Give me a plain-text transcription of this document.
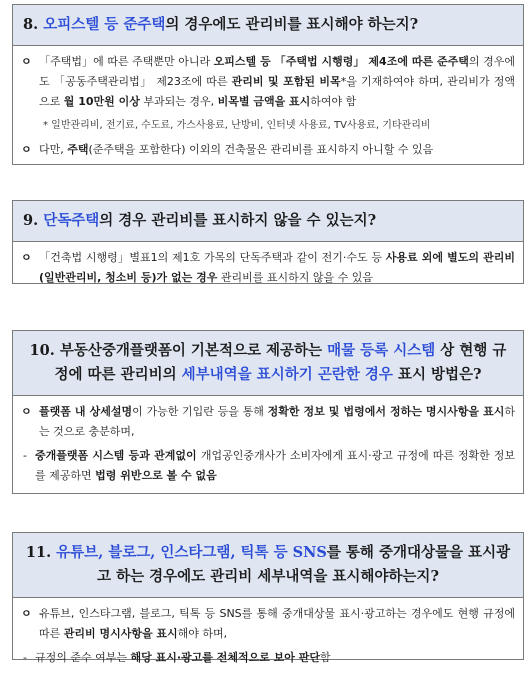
8. 오피스텔 등 준주택의 경우에도 관리비를 표시해야 하는지?
ㅇ 「주택법」에 따른 주택뿐만 아니라 오피스텔 등 「주택법 시행령」 제4조에 따른 준주택의 경우에도 「공동주택관리법」 제23조에 따른 관리비 및 포함된 비목*을 기재하여야 하며, 관리비가 정액으로 월 10만원 이상 부과되는 경우, 비목별 금액을 표시하여야 함
* 일반관리비, 전기료, 수도료, 가스사용료, 난방비, 인터넷 사용료, TV사용료, 기타관리비
ㅇ 다만, 주택(준주택을 포함한다) 이외의 건축물은 관리비를 표시하지 아니할 수 있음
9. 단독주택의 경우 관리비를 표시하지 않을 수 있는지?
ㅇ 「건축법 시행령」별표1의 제1호 가목의 단독주택과 같이 전기·수도 등 사용료 외에 별도의 관리비(일반관리비, 청소비 등)가 없는 경우 관리비를 표시하지 않을 수 있음
10. 부동산중개플랫폼이 기본적으로 제공하는 매물 등록 시스템 상 현행 규정에 따른 관리비의 세부내역을 표시하기 곤란한 경우 표시 방법은?
ㅇ 플랫폼 내 상세설명이 가능한 기입란 등을 통해 정확한 정보 및 법령에서 정하는 명시사항을 표시하는 것으로 충분하며,
- 중개플랫폼 시스템 등과 관계없이 개업공인중개사가 소비자에게 표시·광고 규정에 따른 정확한 정보를 제공하면 법령 위반으로 볼 수 없음
11. 유튜브, 블로그, 인스타그램, 틱톡 등 SNS를 통해 중개대상물을 표시광고 하는 경우에도 관리비 세부내역을 표시해야하는지?
ㅇ 유튜브, 인스타그램, 블로그, 틱톡 등 SNS를 통해 중개대상물 표시·광고하는 경우에도 현행 규정에 따른 관리비 명시사항을 표시해야 하며,
- 규정의 준수 여부는 해당 표시·광고를 전체적으로 보아 판단함
